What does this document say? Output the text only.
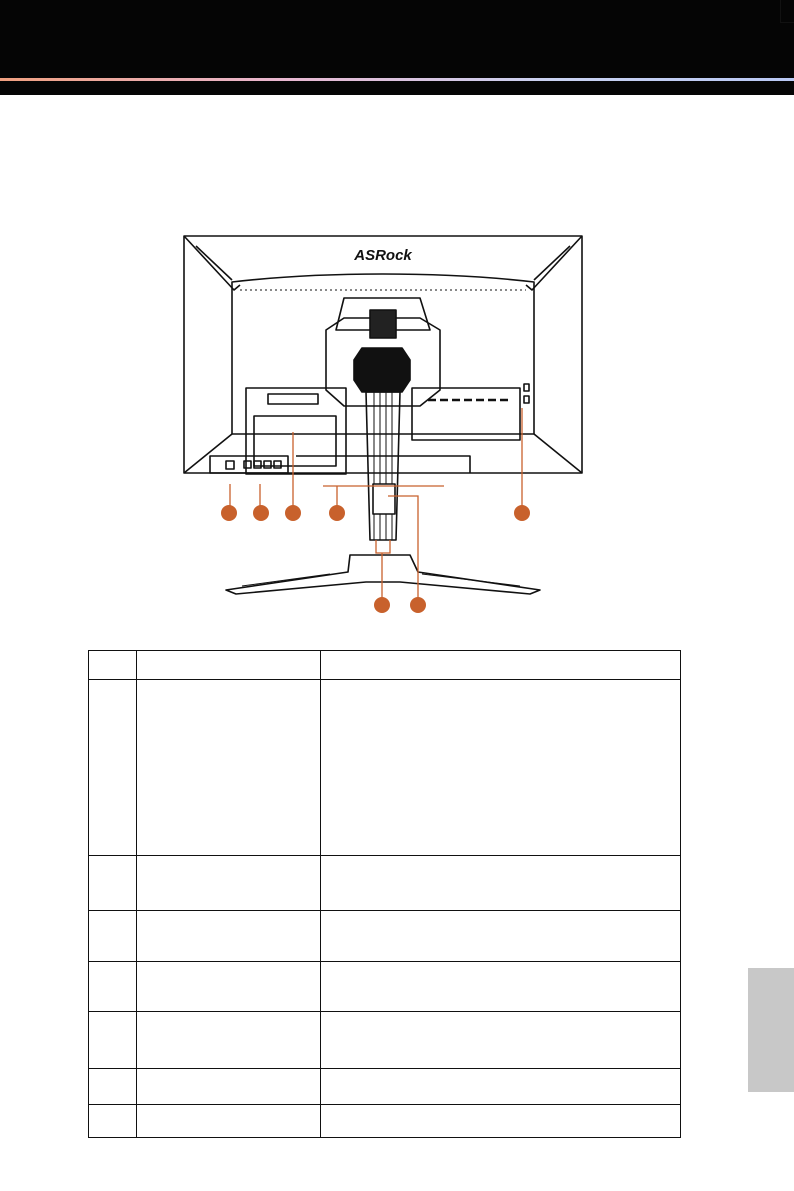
ASRock
